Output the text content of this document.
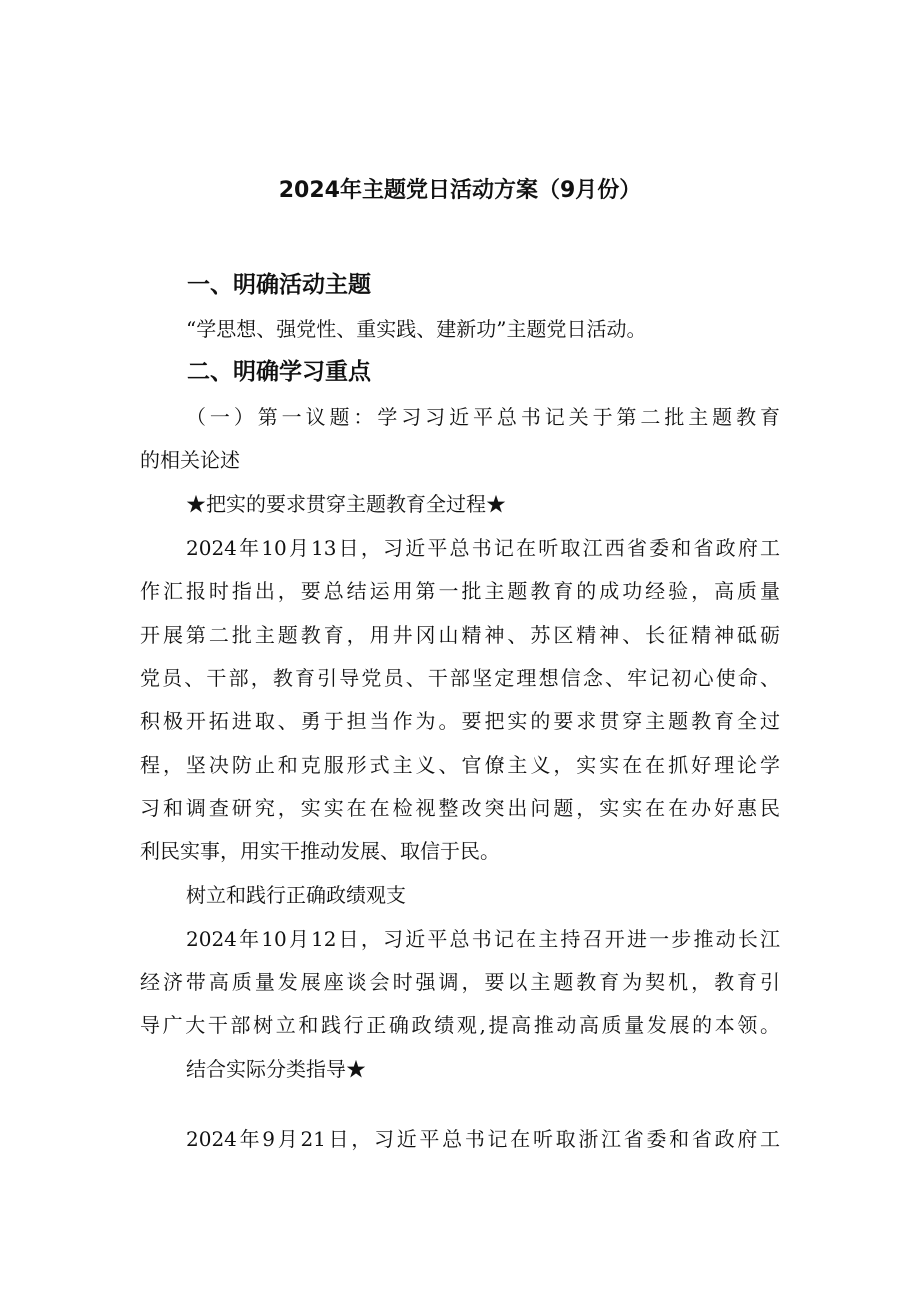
2024年主题党日活动方案（9月份）
一、明确活动主题
“学思想、强党性、重实践、建新功”主题党日活动。
二、明确学习重点
（一）第一议题：学习习近平总书记关于第二批主题教育
的相关论述
★把实的要求贯穿主题教育全过程★
2024年10月13日，习近平总书记在听取江西省委和省政府工
作汇报时指出，要总结运用第一批主题教育的成功经验，高质量
开展第二批主题教育，用井冈山精神、苏区精神、长征精神砥砺
党员、干部，教育引导党员、干部坚定理想信念、牢记初心使命、
积极开拓进取、勇于担当作为。要把实的要求贯穿主题教育全过
程，坚决防止和克服形式主义、官僚主义，实实在在抓好理论学
习和调查研究，实实在在检视整改突出问题，实实在在办好惠民
利民实事，用实干推动发展、取信于民。
树立和践行正确政绩观支
2024年10月12日，习近平总书记在主持召开进一步推动长江
经济带高质量发展座谈会时强调，要以主题教育为契机，教育引
导广大干部树立和践行正确政绩观,提高推动高质量发展的本领。
结合实际分类指导★
2024年9月21日，习近平总书记在听取浙江省委和省政府工
